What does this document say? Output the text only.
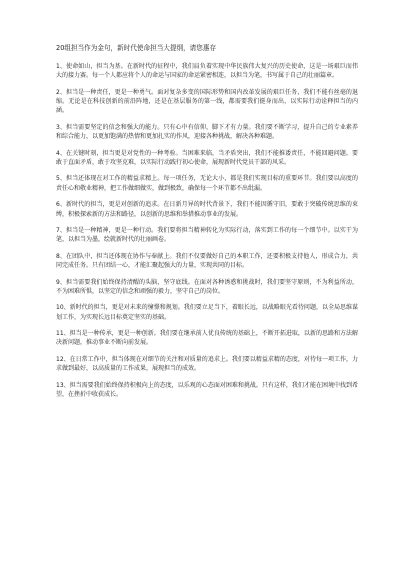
20组担当作为金句，新时代使命担当大提纲，请您惠存
1、使命如山，担当为基。在新时代的征程中，我们肩负着实现中华民族伟大复兴的历史使命，这是一场艰巨而伟大的接力赛。每一个人都应将个人的命运与国家的命运紧密相连，以担当为笔，书写属于自己的壮丽篇章。
2、担当是一种责任，更是一种勇气。面对复杂多变的国际形势和国内改革发展的艰巨任务，我们不能有丝毫的退缩。无论是在科技创新的前沿阵地，还是在基层服务的第一线，都需要我们挺身而出，以实际行动诠释担当的内涵。
3、担当需要坚定的信念和强大的能力。只有心中有信仰，脚下才有力量。我们要不断学习，提升自己的专业素养和综合能力，以更加饱满的热情和更加扎实的作风，迎接各种挑战，解决各种难题。
4、在关键时刻，担当更是对党性的一种考验。当困难来临，当矛盾突出，我们不能推诿责任，不能回避问题。要敢于直面矛盾，敢于攻坚克难，以实际行动践行初心使命，展现新时代党员干部的风采。
5、担当还体现在对工作的精益求精上。每一项任务，无论大小，都是我们实现目标的重要环节。我们要以高度的责任心和敬业精神，把工作做细做实，做到极致，确保每一个环节都不出纰漏。
6、新时代的担当，更是对创新的追求。在日新月异的时代背景下，我们不能因循守旧，要敢于突破传统思维的束缚，积极探索新的方法和路径，以创新的思维和举措推动事业的发展。
7、担当是一种精神，更是一种行动。我们要将担当精神转化为实际行动，落实到工作的每一个细节中。以实干为笔，以担当为墨，绘就新时代的壮丽画卷。
8、在团队中，担当还体现在协作与奉献上。我们不仅要做好自己的本职工作，还要积极支持他人，形成合力，共同完成任务。只有团结一心，才能汇聚起强大的力量，实现共同的目标。
9、担当需要我们始终保持清醒的头脑，坚守底线。在面对各种诱惑和挑战时，我们要坚守原则，不为利益所动，不为困难所惧，以坚定的信念和顽强的毅力，坚守自己的岗位。
10、新时代的担当，更是对未来的憧憬和规划。我们要立足当下，着眼长远，以战略眼光看待问题，以全局思维谋划工作，为实现长远目标奠定坚实的基础。
11、担当是一种传承，更是一种创新。我们要在继承前人优良传统的基础上，不断开拓进取，以新的思路和方法解决新问题，推动事业不断向前发展。
12、在日常工作中，担当体现在对细节的关注和对质量的追求上。我们要以精益求精的态度，对待每一项工作，力求做到最好，以高质量的工作成果，展现担当的成效。
13、担当需要我们始终保持积极向上的态度，以乐观的心态面对困难和挑战。只有这样，我们才能在困境中找到希望，在挫折中收获成长。
